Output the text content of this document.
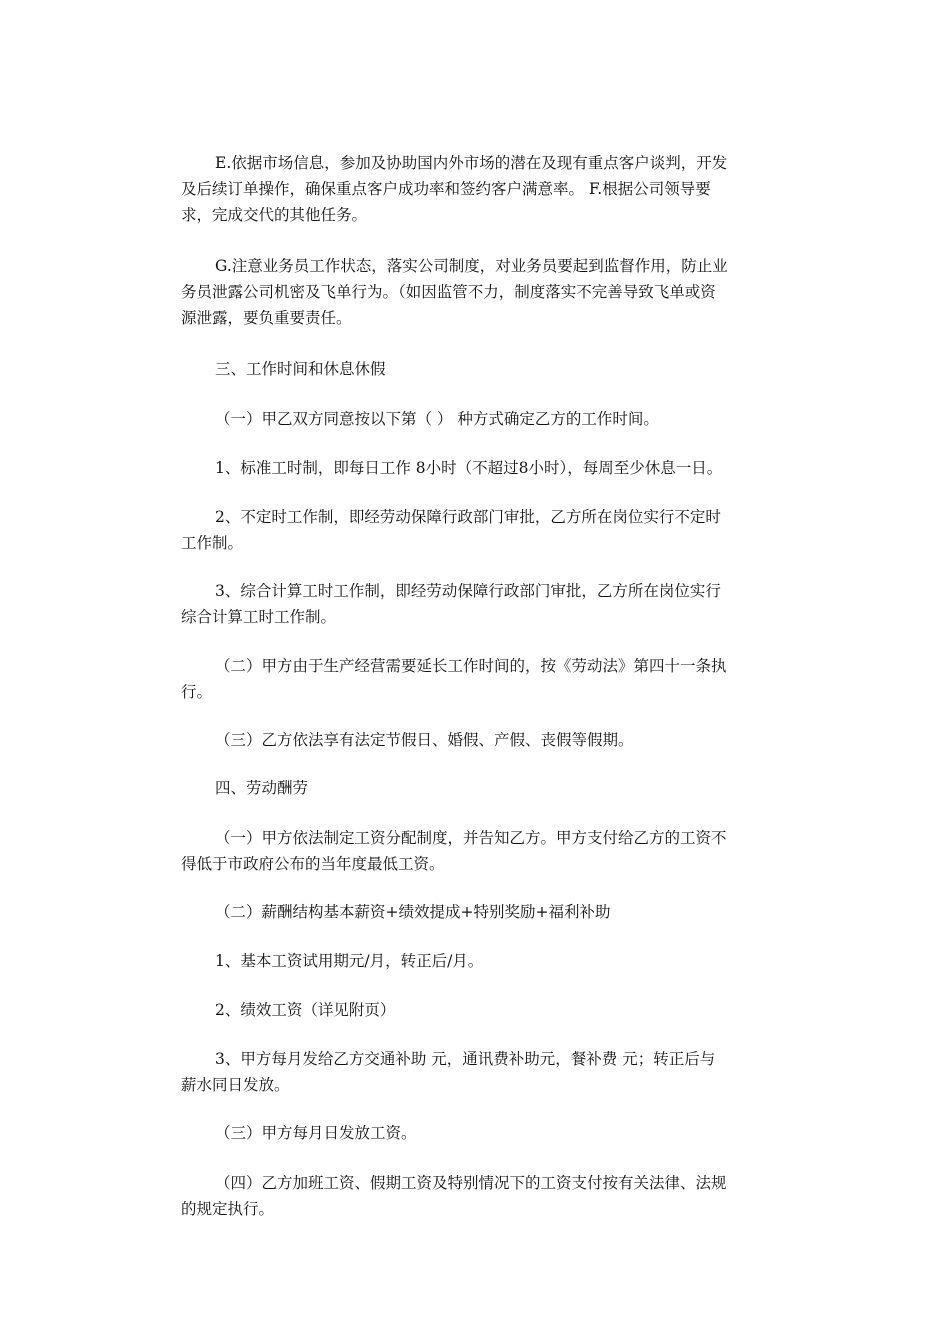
E.依据市场信息，参加及协助国内外市场的潜在及现有重点客户谈判，开发
及后续订单操作，确保重点客户成功率和签约客户满意率。 F.根据公司领导要
求，完成交代的其他任务。
G.注意业务员工作状态，落实公司制度，对业务员要起到监督作用，防止业
务员泄露公司机密及飞单行为。（如因监管不力，制度落实不完善导致飞单或资
源泄露，要负重要责任。
三、工作时间和休息休假
（一）甲乙双方同意按以下第（ ） 种方式确定乙方的工作时间。
1、标准工时制，即每日工作 8小时（不超过8小时），每周至少休息一日。
2、不定时工作制，即经劳动保障行政部门审批，乙方所在岗位实行不定时
工作制。
3、综合计算工时工作制，即经劳动保障行政部门审批，乙方所在岗位实行
综合计算工时工作制。
（二）甲方由于生产经营需要延长工作时间的，按《劳动法》第四十一条执
行。
（三）乙方依法享有法定节假日、婚假、产假、丧假等假期。
四、劳动酬劳
（一）甲方依法制定工资分配制度，并告知乙方。甲方支付给乙方的工资不
得低于市政府公布的当年度最低工资。
（二）薪酬结构基本薪资+绩效提成+特别奖励+福利补助
1、基本工资试用期元/月，转正后/月。
2、绩效工资（详见附页）
3、甲方每月发给乙方交通补助 元，通讯费补助元，餐补费 元；转正后与
薪水同日发放。
（三）甲方每月日发放工资。
（四）乙方加班工资、假期工资及特别情况下的工资支付按有关法律、法规
的规定执行。
